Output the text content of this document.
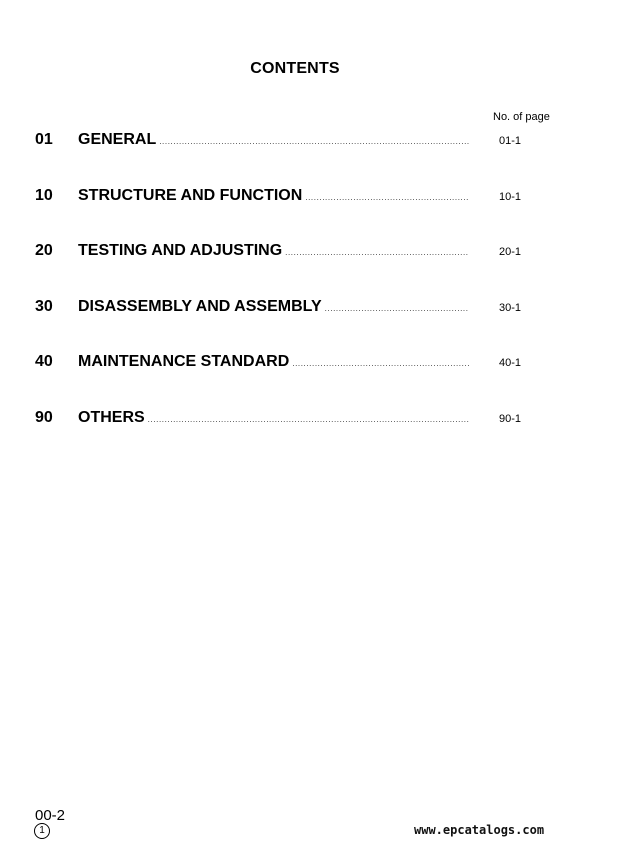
CONTENTS
No. of page
01	GENERAL .....	01-1
10	STRUCTURE AND FUNCTION .....	10-1
20	TESTING AND ADJUSTING .....	20-1
30	DISASSEMBLY AND ASSEMBLY .....	30-1
40	MAINTENANCE STANDARD .....	40-1
90	OTHERS .....	90-1
00-2
1	www.epcatalogs.com
